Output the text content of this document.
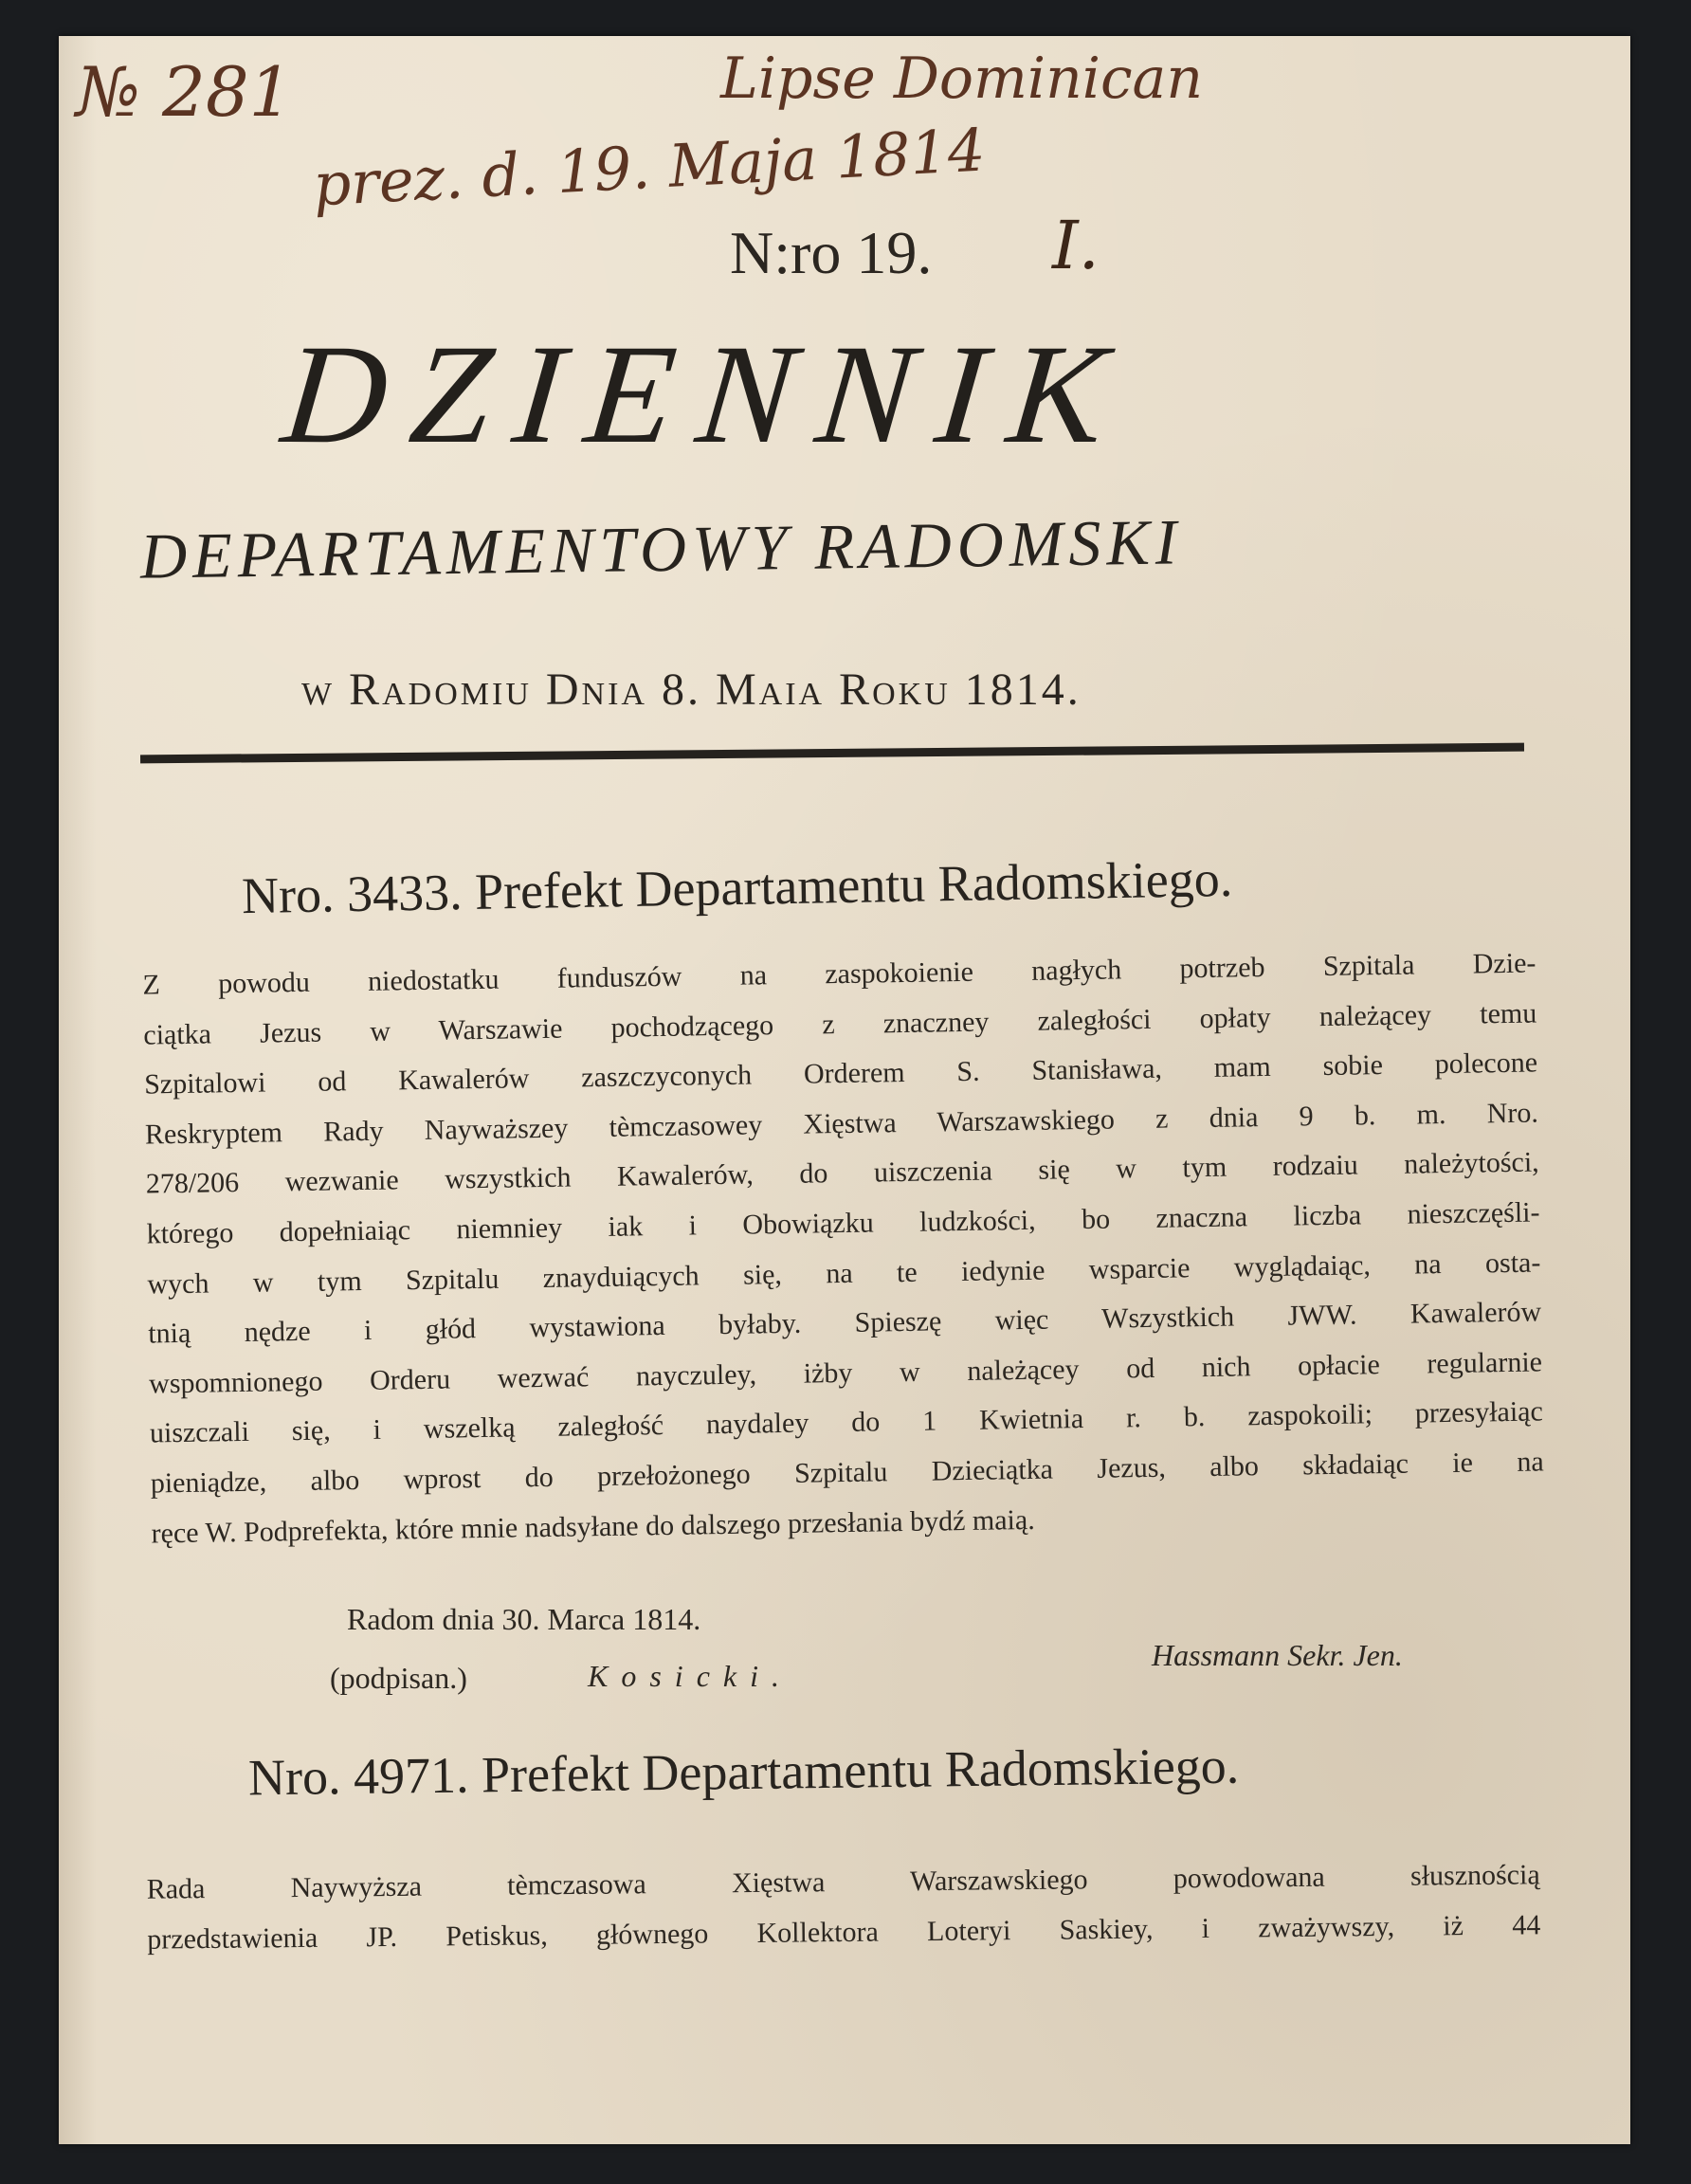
№ 281	Lipse Dominican
prez. d. 19. Maja 1814
I.
N:ro 19.
DZIENNIK
DEPARTAMENTOWY RADOMSKI
w Radomiu Dnia 8. Maia Roku 1814.
Nro. 3433. Prefekt Departamentu Radomskiego.
Z powodu niedostatku funduszów na zaspokoienie nagłych potrzeb Szpitala Dzie-
ciątka Jezus w Warszawie pochodzącego z znaczney zaległości opłaty należącey temu
Szpitalowi od Kawalerów zaszczyconych Orderem S. Stanisława, mam sobie polecone
Reskryptem Rady Nayważszey tèmczasowey Xięstwa Warszawskiego z dnia 9 b. m. Nro.
278/206 wezwanie wszystkich Kawalerów, do uiszczenia się w tym rodzaiu należytości,
którego dopełniaiąc niemniey iak i Obowiązku ludzkości, bo znaczna liczba nieszczęśli-
wych w tym Szpitalu znayduiących się, na te iedynie wsparcie wyglądaiąc, na osta-
tnią nędze i głód wystawiona byłaby. Spieszę więc Wszystkich JWW. Kawalerów
wspomnionego Orderu wezwać nayczuley, iżby w należącey od nich opłacie regularnie
uiszczali się, i wszelką zaległość naydaley do 1 Kwietnia r. b. zaspokoili; przesyłaiąc
pieniądze, albo wprost do przełożonego Szpitalu Dzieciątka Jezus, albo składaiąc ie na
ręce W. Podprefekta, które mnie nadsyłane do dalszego przesłania bydź maią.
Radom dnia 30. Marca 1814.
(podpisan.)	Kosicki.
Hassmann Sekr. Jen.
Nro. 4971. Prefekt Departamentu Radomskiego.
Rada Naywyższa tèmczasowa Xięstwa Warszawskiego powodowana słusznością
przedstawienia JP. Petiskus, głównego Kollektora Loteryi Saskiey, i zważywszy, iż 44
